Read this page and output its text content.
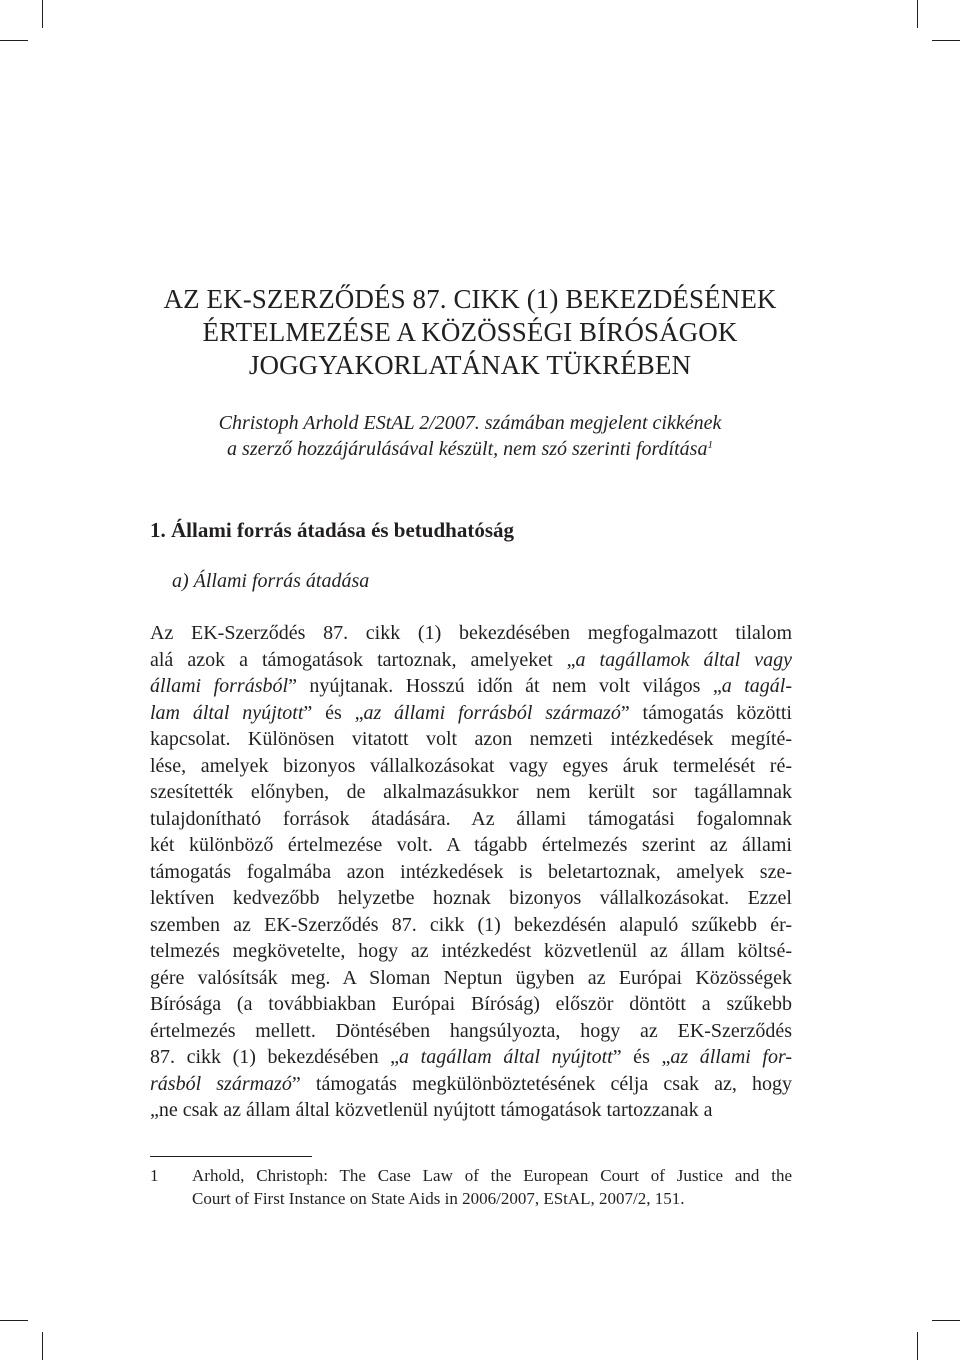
AZ EK-SZERZŐDÉS 87. CIKK (1) BEKEZDÉSÉNEK
ÉRTELMEZÉSE A KÖZÖSSÉGI BÍRÓSÁGOK
JOGGYAKORLATÁNAK TÜKRÉBEN
Christoph Arhold EStAL 2/2007. számában megjelent cikkének
a szerző hozzájárulásával készült, nem szó szerinti fordítása$^1$
1. Állami forrás átadása és betudhatóság
a) Állami forrás átadása
Az EK-Szerződés 87. cikk (1) bekezdésében megfogalmazott tilalom
alá azok a támogatások tartoznak, amelyeket „a tagállamok által vagy
állami forrásból” nyújtanak. Hosszú időn át nem volt világos „a tagál-
lam által nyújtott” és „az állami forrásból származó” támogatás közötti
kapcsolat. Különösen vitatott volt azon nemzeti intézkedések megíté-
lése, amelyek bizonyos vállalkozásokat vagy egyes áruk termelését ré-
szesítették előnyben, de alkalmazásukkor nem került sor tagállamnak
tulajdonítható források átadására. Az állami támogatási fogalomnak
két különböző értelmezése volt. A tágabb értelmezés szerint az állami
támogatás fogalmába azon intézkedések is beletartoznak, amelyek sze-
lektíven kedvezőbb helyzetbe hoznak bizonyos vállalkozásokat. Ezzel
szemben az EK-Szerződés 87. cikk (1) bekezdésén alapuló szűkebb ér-
telmezés megkövetelte, hogy az intézkedést közvetlenül az állam költsé-
gére valósítsák meg. A Sloman Neptun ügyben az Európai Közösségek
Bírósága (a továbbiakban Európai Bíróság) először döntött a szűkebb
értelmezés mellett. Döntésében hangsúlyozta, hogy az EK-Szerződés
87. cikk (1) bekezdésében „a tagállam által nyújtott” és „az állami for-
rásból származó” támogatás megkülönböztetésének célja csak az, hogy
„ne csak az állam által közvetlenül nyújtott támogatások tartozzanak a
1 Arhold, Christoph: The Case Law of the European Court of Justice and the
Court of First Instance on State Aids in 2006/2007, EStAL, 2007/2, 151.
